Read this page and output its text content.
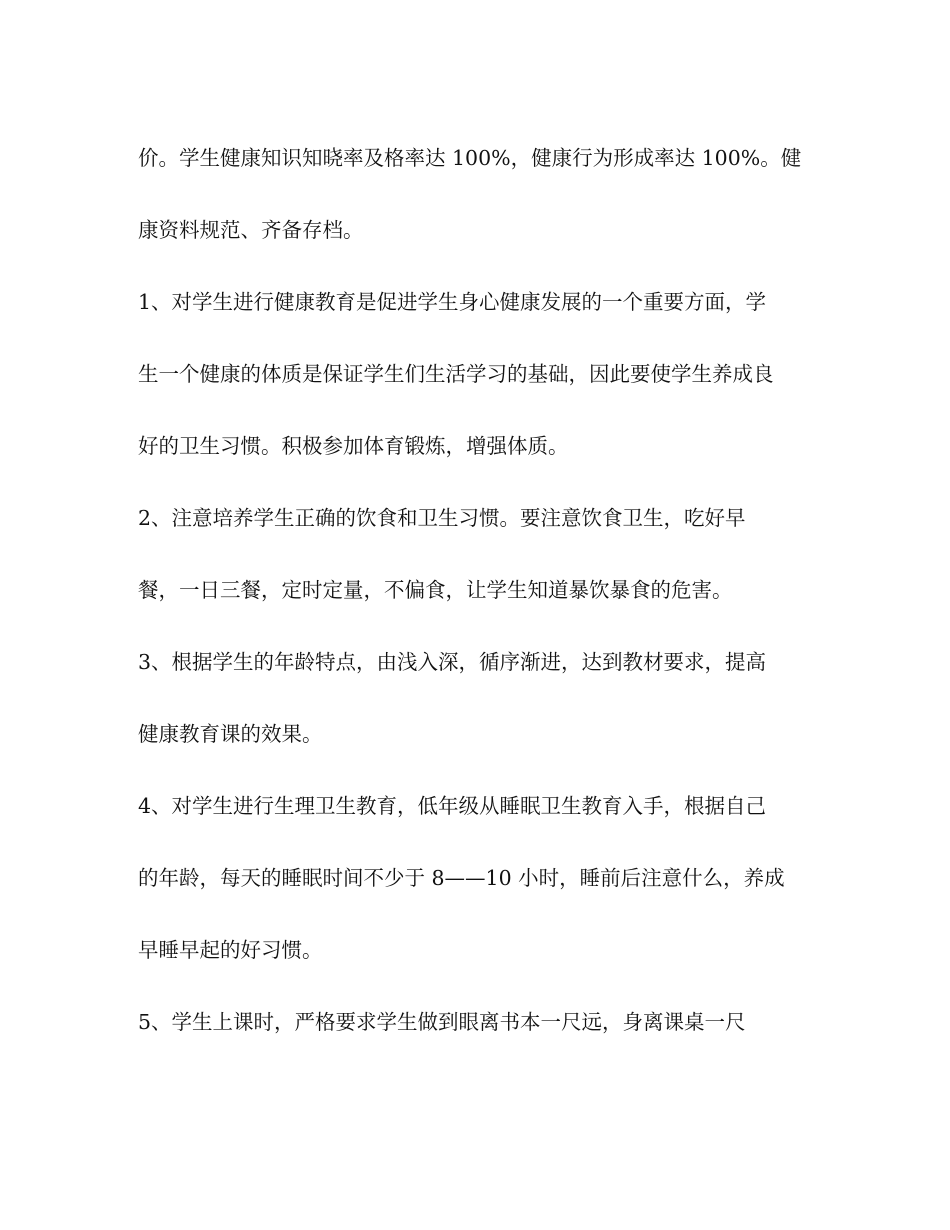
价。学生健康知识知晓率及格率达 100%，健康行为形成率达 100%。健
康资料规范、齐备存档。
1、对学生进行健康教育是促进学生身心健康发展的一个重要方面，学
生一个健康的体质是保证学生们生活学习的基础，因此要使学生养成良
好的卫生习惯。积极参加体育锻炼，增强体质。
2、注意培养学生正确的饮食和卫生习惯。要注意饮食卫生，吃好早
餐，一日三餐，定时定量，不偏食，让学生知道暴饮暴食的危害。
3、根据学生的年龄特点，由浅入深，循序渐进，达到教材要求，提高
健康教育课的效果。
4、对学生进行生理卫生教育，低年级从睡眠卫生教育入手，根据自己
的年龄，每天的睡眠时间不少于 8——10 小时，睡前后注意什么，养成
早睡早起的好习惯。
5、学生上课时，严格要求学生做到眼离书本一尺远，身离课桌一尺
